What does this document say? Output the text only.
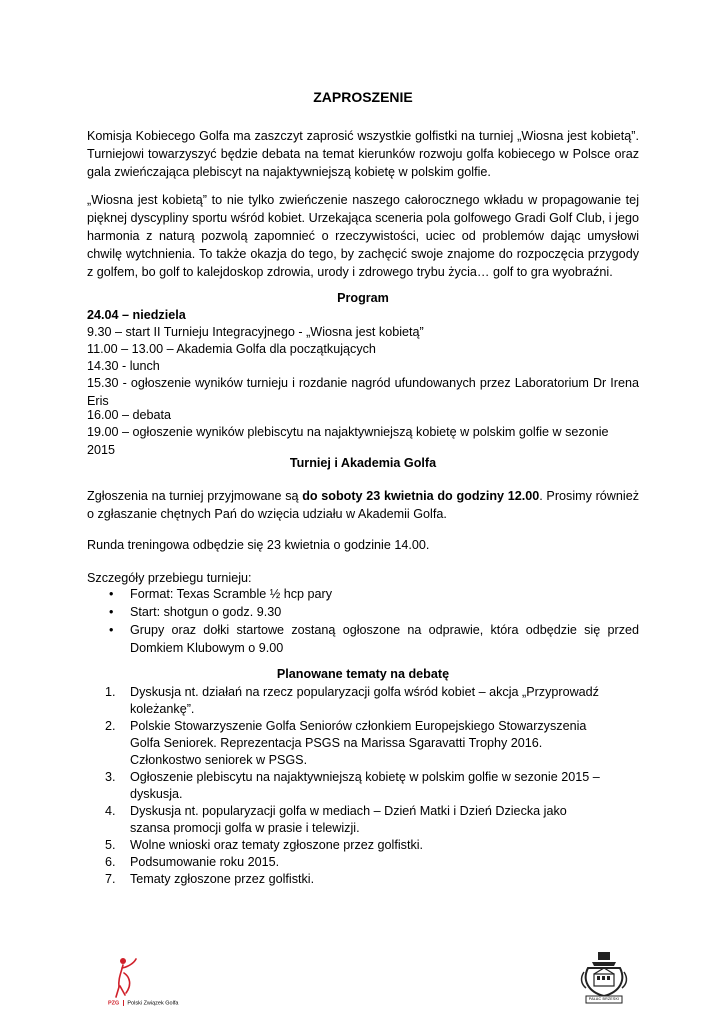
ZAPROSZENIE

Komisja Kobiecego Golfa ma zaszczyt zaprosić wszystkie golfistki na turniej „Wiosna jest kobietą”. Turniejowi towarzyszyć będzie debata na temat kierunków rozwoju golfa kobiecego w Polsce oraz gala zwieńczająca plebiscyt na najaktywniejszą kobietę w polskim golfie.

„Wiosna jest kobietą” to nie tylko zwieńczenie naszego całorocznego wkładu w propagowanie tej pięknej dyscypliny sportu wśród kobiet. Urzekająca sceneria pola golfowego Gradi Golf Club, i jego harmonia z naturą pozwolą zapomnieć o rzeczywistości, uciec od problemów dając umysłowi chwilę wytchnienia. To także okazja do tego, by zachęcić swoje znajome do rozpoczęcia przygody z golfem, bo golf to kalejdoskop zdrowia, urody i zdrowego trybu życia… golf to gra wyobraźni.

Program
24.04 – niedziela
9.30 – start II Turnieju Integracyjnego - „Wiosna jest kobietą”
11.00 – 13.00 – Akademia Golfa dla początkujących
14.30 - lunch
15.30 - ogłoszenie wyników turnieju i rozdanie nagród ufundowanych przez Laboratorium Dr Irena Eris
16.00 – debata
19.00 – ogłoszenie wyników plebiscytu na najaktywniejszą kobietę w polskim golfie w sezonie 2015
Turniej i Akademia Golfa

Zgłoszenia na turniej przyjmowane są do soboty 23 kwietnia do godziny 12.00. Prosimy również o zgłaszanie chętnych Pań do wzięcia udziału w Akademii Golfa.

Runda treningowa odbędzie się 23 kwietnia o godzinie 14.00.
Szczegóły przebiegu turnieju:
• Format: Texas Scramble ½ hcp pary
• Start: shotgun o godz. 9.30
• Grupy oraz dołki startowe zostaną ogłoszone na odprawie, która odbędzie się przed Domkiem Klubowym o 9.00
Planowane tematy na debatę
1. Dyskusja nt. działań na rzecz popularyzacji golfa wśród kobiet – akcja „Przyprowadź koleżankę”.
2. Polskie Stowarzyszenie Golfa Seniorów członkiem Europejskiego Stowarzyszenia Golfa Seniorek. Reprezentacja PSGS na Marissa Sgaravatti Trophy 2016. Członkostwo seniorek w PSGS.
3. Ogłoszenie plebiscytu na najaktywniejszą kobietę w polskim golfie w sezonie 2015 – dyskusja.
4. Dyskusja nt. popularyzacji golfa w mediach – Dzień Matki i Dzień Dziecka jako szansa promocji golfa w prasie i telewizji.
5. Wolne wnioski oraz tematy zgłoszone przez golfistki.
6. Podsumowanie roku 2015.
7. Tematy zgłoszone przez golfistki.
PZG Polski Związek Golfa
PAŁAC BRZESKI
